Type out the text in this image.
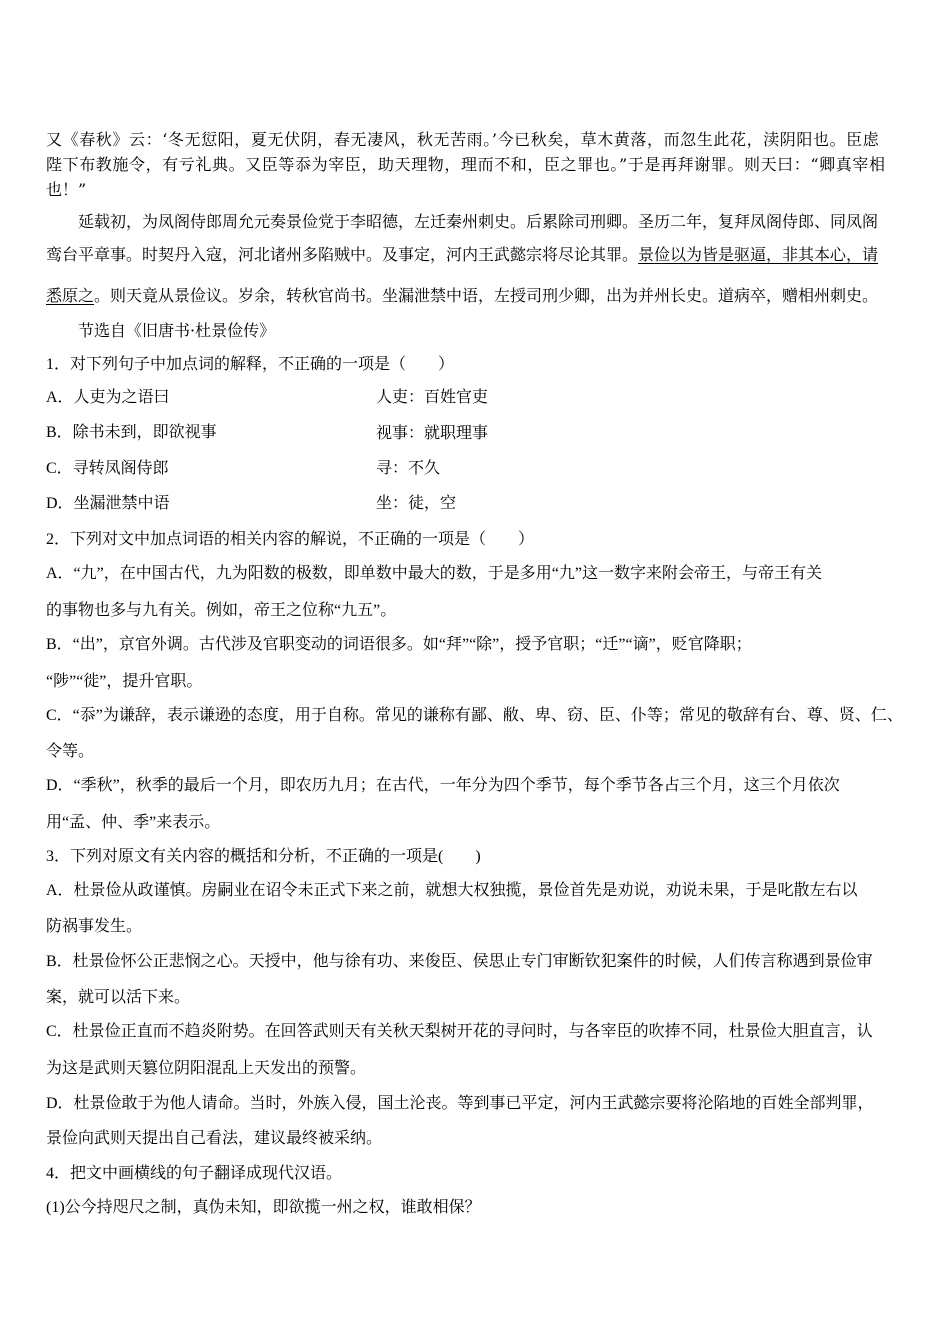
又《春秋》云：‘冬无愆阳，夏无伏阴，春无凄风，秋无苦雨。’今已秋矣，草木黄落，而忽生此花，渎阴阳也。臣虑
陛下布教施令，有亏礼典。又臣等忝为宰臣，助天理物，理而不和，臣之罪也。”于是再拜谢罪。则天曰：“卿真宰相
也！”
延载初，为凤阁侍郎周允元奏景俭党于李昭德，左迁秦州刺史。后累除司刑卿。圣历二年，复拜凤阁侍郎、同凤阁
鸾台平章事。时契丹入寇，河北诸州多陷贼中。及事定，河内王武懿宗将尽论其罪。景俭以为皆是驱逼，非其本心，请
悉原之。则天竟从景俭议。岁余，转秋官尚书。坐漏泄禁中语，左授司刑少卿，出为并州长史。道病卒，赠相州刺史。
节选自《旧唐书·杜景俭传》
1．对下列句子中加点词的解释，不正确的一项是（　　）
A．人吏为之语曰	人吏：百姓官吏
B．除书未到，即欲视事	视事：就职理事
C．寻转凤阁侍郎	寻：不久
D．坐漏泄禁中语	坐：徒，空
2．下列对文中加点词语的相关内容的解说，不正确的一项是（　　）
A．“九”，在中国古代，九为阳数的极数，即单数中最大的数，于是多用“九”这一数字来附会帝王，与帝王有关
的事物也多与九有关。例如，帝王之位称“九五”。
B．“出”，京官外调。古代涉及官职变动的词语很多。如“拜”“除”，授予官职；“迁”“谪”，贬官降职；
“陟”“徙”，提升官职。
C．“忝”为谦辞，表示谦逊的态度，用于自称。常见的谦称有鄙、敝、卑、窃、臣、仆等；常见的敬辞有台、尊、贤、仁、
令等。
D．“季秋”，秋季的最后一个月，即农历九月；在古代，一年分为四个季节，每个季节各占三个月，这三个月依次
用“孟、仲、季”来表示。
3．下列对原文有关内容的概括和分析，不正确的一项是(　　)
A．杜景俭从政谨慎。房嗣业在诏令未正式下来之前，就想大权独揽，景俭首先是劝说，劝说未果，于是叱散左右以
防祸事发生。
B．杜景俭怀公正悲悯之心。天授中，他与徐有功、来俊臣、侯思止专门审断钦犯案件的时候，人们传言称遇到景俭审
案，就可以活下来。
C．杜景俭正直而不趋炎附势。在回答武则天有关秋天梨树开花的寻问时，与各宰臣的吹捧不同，杜景俭大胆直言，认
为这是武则天篡位阴阳混乱上天发出的预警。
D．杜景俭敢于为他人请命。当时，外族入侵，国土沦丧。等到事已平定，河内王武懿宗要将沦陷地的百姓全部判罪，
景俭向武则天提出自己看法，建议最终被采纳。
4．把文中画横线的句子翻译成现代汉语。
(1)公今持咫尺之制，真伪未知，即欲揽一州之权，谁敢相保？
